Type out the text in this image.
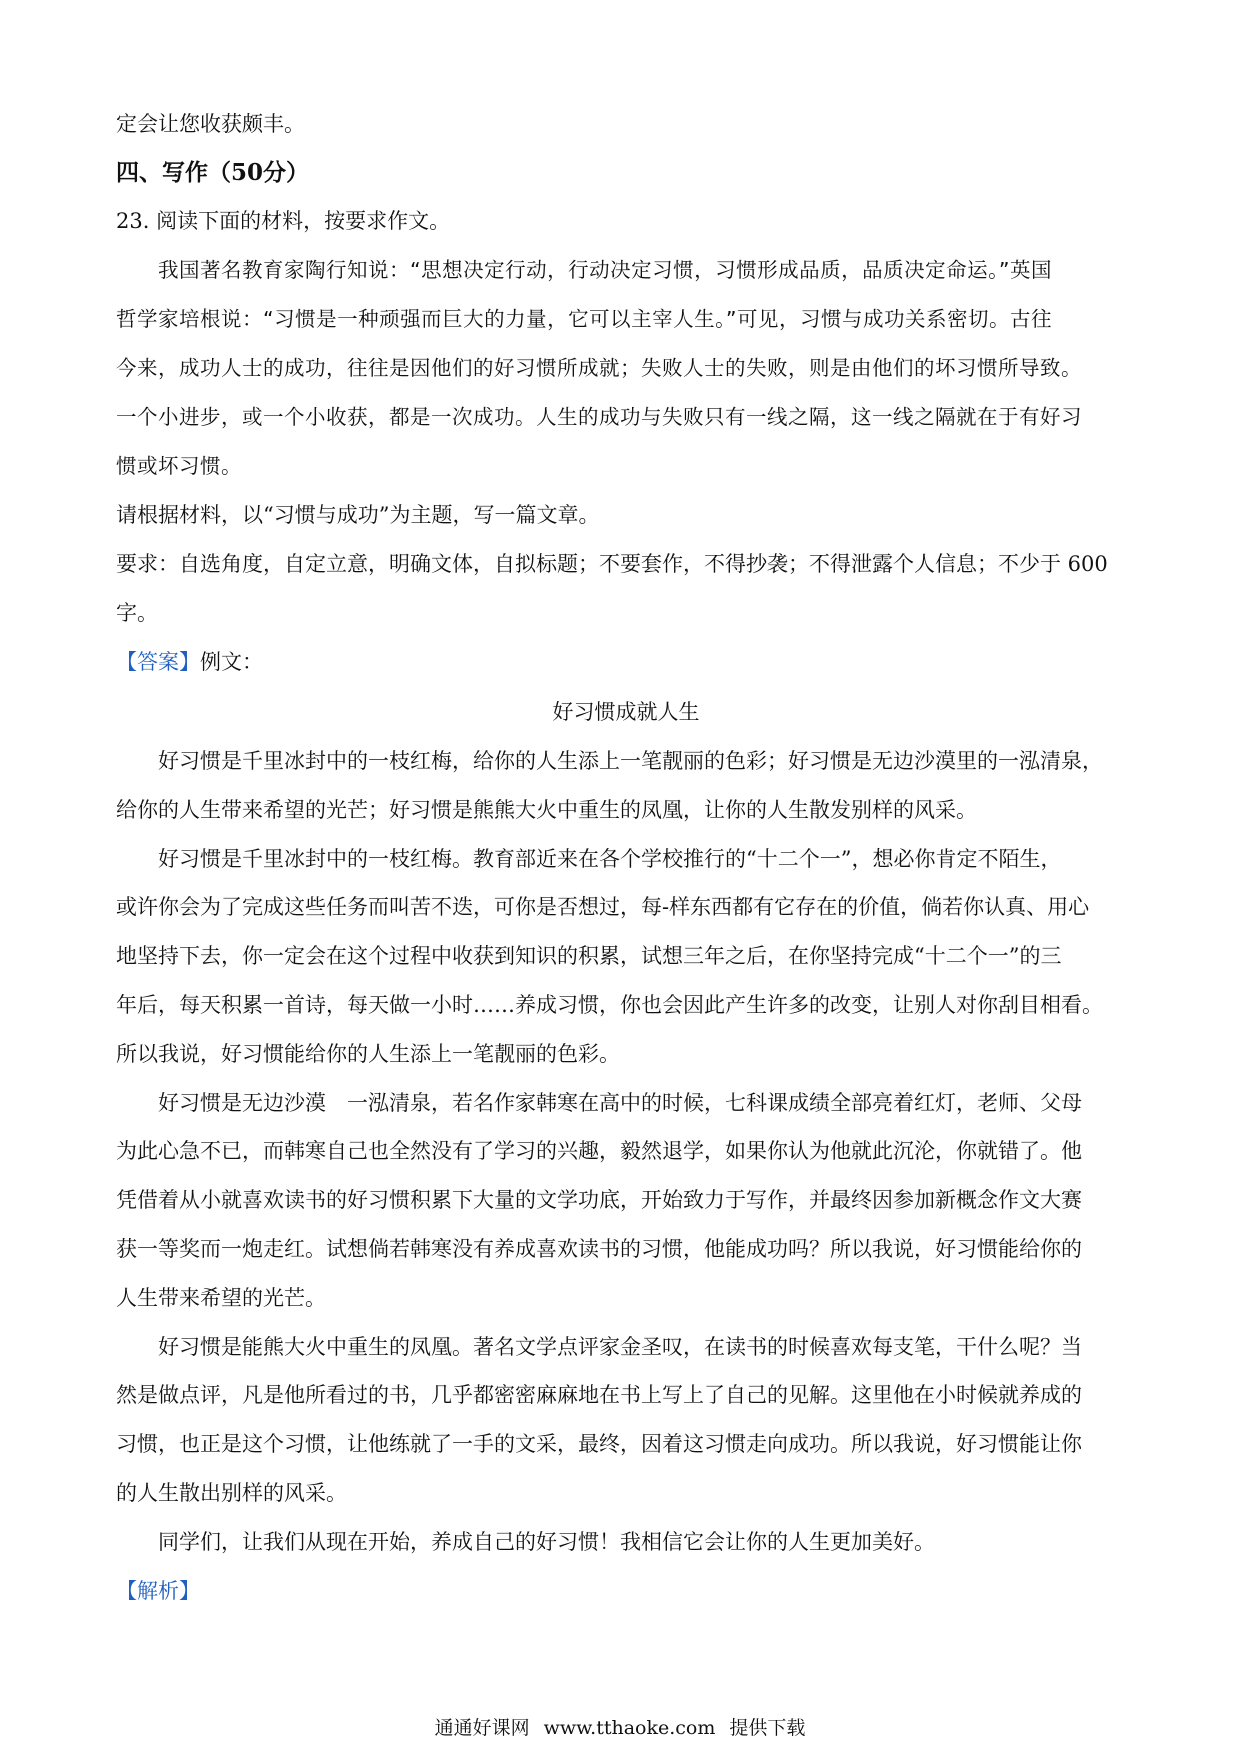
定会让您收获颇丰。

四、写作（50分）

23. 阅读下面的材料，按要求作文。

我国著名教育家陶行知说：“思想决定行动，行动决定习惯，习惯形成品质，品质决定命运。”英国

哲学家培根说：“习惯是一种顽强而巨大的力量，它可以主宰人生。”可见，习惯与成功关系密切。古往

今来，成功人士的成功，往往是因他们的好习惯所成就；失败人士的失败，则是由他们的坏习惯所导致。

一个小进步，或一个小收获，都是一次成功。人生的成功与失败只有一线之隔，这一线之隔就在于有好习

惯或坏习惯。

请根据材料，以“习惯与成功”为主题，写一篇文章。

要求：自选角度，自定立意，明确文体，自拟标题；不要套作，不得抄袭；不得泄露个人信息；不少于 600

字。

【答案】例文：

好习惯成就人生

好习惯是千里冰封中的一枝红梅，给你的人生添上一笔靓丽的色彩；好习惯是无边沙漠里的一泓清泉，

给你的人生带来希望的光芒；好习惯是熊熊大火中重生的凤凰，让你的人生散发别样的风采。

好习惯是千里冰封中的一枝红梅。教育部近来在各个学校推行的“十二个一”，想必你肯定不陌生，

或许你会为了完成这些任务而叫苦不迭，可你是否想过，每-样东西都有它存在的价值，倘若你认真、用心

地坚持下去，你一定会在这个过程中收获到知识的积累，试想三年之后，在你坚持完成“十二个一”的三

年后，每天积累一首诗，每天做一小时……养成习惯，你也会因此产生许多的改变，让别人对你刮目相看。

所以我说，好习惯能给你的人生添上一笔靓丽的色彩。

好习惯是无边沙漠　一泓清泉，若名作家韩寒在高中的时候，七科课成绩全部亮着红灯，老师、父母

为此心急不已，而韩寒自己也全然没有了学习的兴趣，毅然退学，如果你认为他就此沉沦，你就错了。他

凭借着从小就喜欢读书的好习惯积累下大量的文学功底，开始致力于写作，并最终因参加新概念作文大赛

获一等奖而一炮走红。试想倘若韩寒没有养成喜欢读书的习惯，他能成功吗？所以我说，好习惯能给你的

人生带来希望的光芒。

好习惯是能熊大火中重生的凤凰。著名文学点评家金圣叹，在读书的时候喜欢每支笔，干什么呢？当

然是做点评，凡是他所看过的书，几乎都密密麻麻地在书上写上了自己的见解。这里他在小时候就养成的

习惯，也正是这个习惯，让他练就了一手的文采，最终，因着这习惯走向成功。所以我说，好习惯能让你

的人生散出别样的风采。

同学们，让我们从现在开始，养成自己的好习惯！我相信它会让你的人生更加美好。

【解析】

通通好课网 www.tthaoke.com 提供下载
